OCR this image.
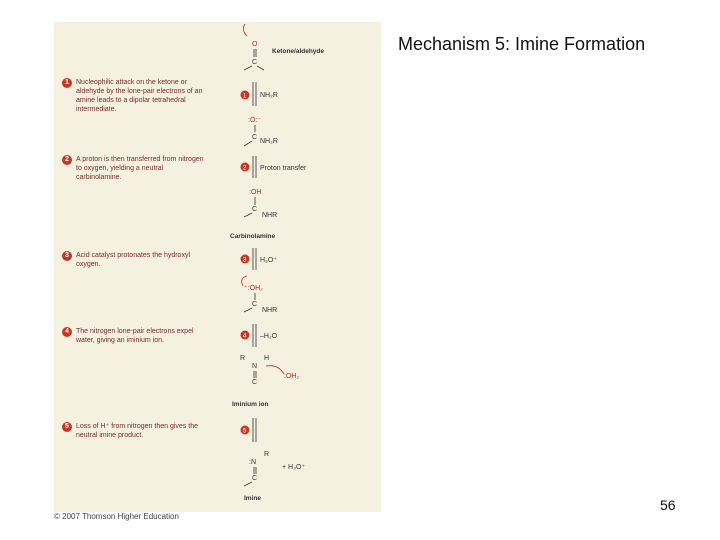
Mechanism 5: Imine Formation
O
C
Ketone/aldehyde
1 NH₂R
:O:⁻
C
NH₂R
2 Proton transfer
:OH
C
NHR
Carbinolamine
3 H₃O⁺
⁺:OH₂
C
NHR
4 –H₂O
R	H
N
C
:OH₂
Iminium ion
5
R
:N
C
+ H₃O⁺
Imine
1	Nucleophilic attack on the ketone or aldehyde by the lone-pair electrons of an amine leads to a dipolar tetrahedral intermediate.
2	A proton is then transferred from nitrogen to oxygen, yielding a neutral carbinolamine.
3	Acid catalyst protonates the hydroxyl oxygen.
4	The nitrogen lone-pair electrons expel water, giving an iminium ion.
5	Loss of H⁺ from nitrogen then gives the neutral imine product.
© 2007 Thomson Higher Education
56
